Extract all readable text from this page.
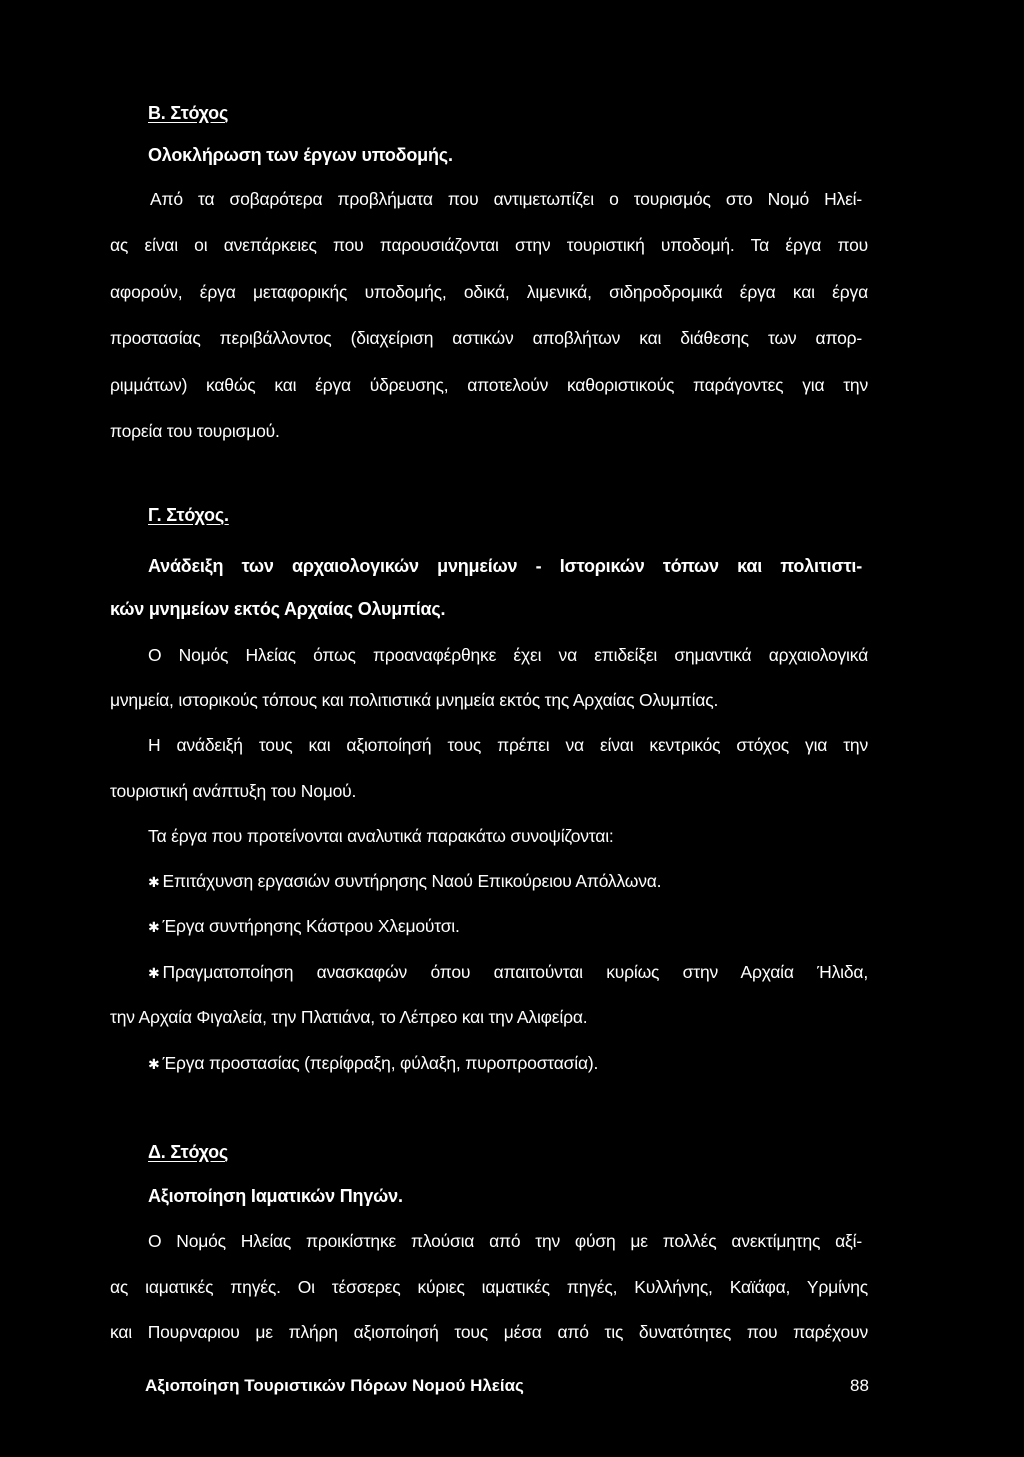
Β. Στόχος
Ολοκλήρωση των έργων υποδομής.
Από τα σοβαρότερα προβλήματα που αντιμετωπίζει ο τουρισμός στο Νομό Ηλεί-
ας είναι οι ανεπάρκειες που παρουσιάζονται στην τουριστική υποδομή. Τα έργα που
αφορούν, έργα μεταφορικής υποδομής, οδικά, λιμενικά, σιδηροδρομικά έργα και έργα
προστασίας περιβάλλοντος (διαχείριση αστικών αποβλήτων και διάθεσης των απορ-
ριμμάτων) καθώς και έργα ύδρευσης, αποτελούν καθοριστικούς παράγοντες για την
πορεία του τουρισμού.
Γ. Στόχος.
Ανάδειξη των αρχαιολογικών μνημείων - Ιστορικών τόπων και πολιτιστι-
κών μνημείων εκτός Αρχαίας Ολυμπίας.
Ο Νομός Ηλείας όπως προαναφέρθηκε έχει να επιδείξει σημαντικά αρχαιολογικά
μνημεία, ιστορικούς τόπους και πολιτιστικά μνημεία εκτός της Αρχαίας Ολυμπίας.
Η ανάδειξή τους και αξιοποίησή τους πρέπει να είναι κεντρικός στόχος για την
τουριστική ανάπτυξη του Νομού.
Τα έργα που προτείνονται αναλυτικά παρακάτω συνοψίζονται:
✱ Επιτάχυνση εργασιών συντήρησης Ναού Επικούρειου Απόλλωνα.
✱ Έργα συντήρησης Κάστρου Χλεμούτσι.
✱ Πραγματοποίηση ανασκαφών όπου απαιτούνται κυρίως στην Αρχαία Ήλιδα,
την Αρχαία Φιγαλεία, την Πλατιάνα, το Λέπρεο και την Αλιφείρα.
✱ Έργα προστασίας (περίφραξη, φύλαξη, πυροπροστασία).
Δ. Στόχος
Αξιοποίηση Ιαματικών Πηγών.
Ο Νομός Ηλείας προικίστηκε πλούσια από την φύση με πολλές ανεκτίμητης αξί-
ας ιαματικές πηγές. Οι τέσσερες κύριες ιαματικές πηγές, Κυλλήνης, Καϊάφα, Υρμίνης
και Πουρναριου με πλήρη αξιοποίησή τους μέσα από τις δυνατότητες που παρέχουν
Αξιοποίηση Τουριστικών Πόρων Νομού Ηλείας	88
